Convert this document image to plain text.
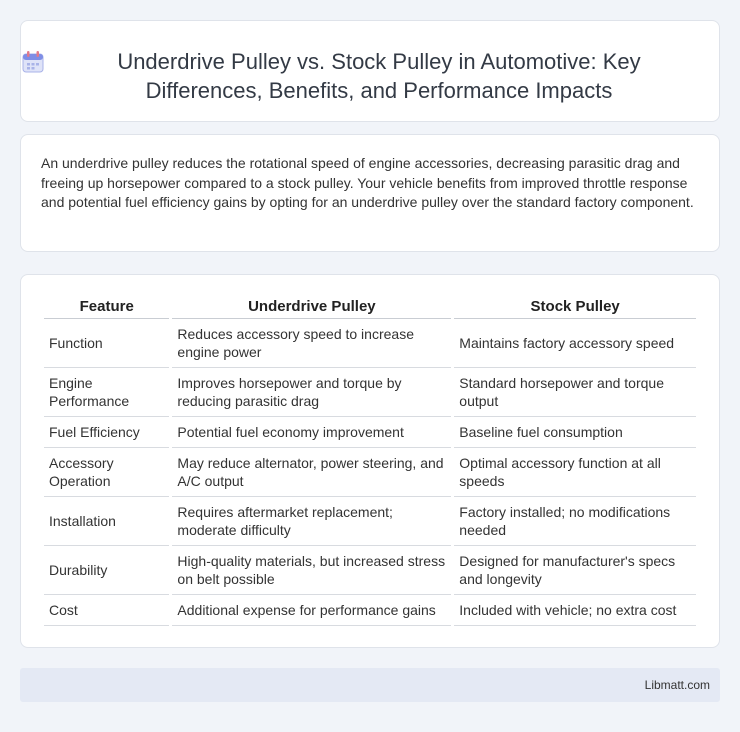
Underdrive Pulley vs. Stock Pulley in Automotive: Key Differences, Benefits, and Performance Impacts

An underdrive pulley reduces the rotational speed of engine accessories, decreasing parasitic drag and freeing up horsepower compared to a stock pulley. Your vehicle benefits from improved throttle response and potential fuel efficiency gains by opting for an underdrive pulley over the standard factory component.

Feature	Underdrive Pulley	Stock Pulley
Function	Reduces accessory speed to increase engine power	Maintains factory accessory speed
Engine Performance	Improves horsepower and torque by reducing parasitic drag	Standard horsepower and torque output
Fuel Efficiency	Potential fuel economy improvement	Baseline fuel consumption
Accessory Operation	May reduce alternator, power steering, and A/C output	Optimal accessory function at all speeds
Installation	Requires aftermarket replacement; moderate difficulty	Factory installed; no modifications needed
Durability	High-quality materials, but increased stress on belt possible	Designed for manufacturer's specs and longevity
Cost	Additional expense for performance gains	Included with vehicle; no extra cost
Libmatt.com
